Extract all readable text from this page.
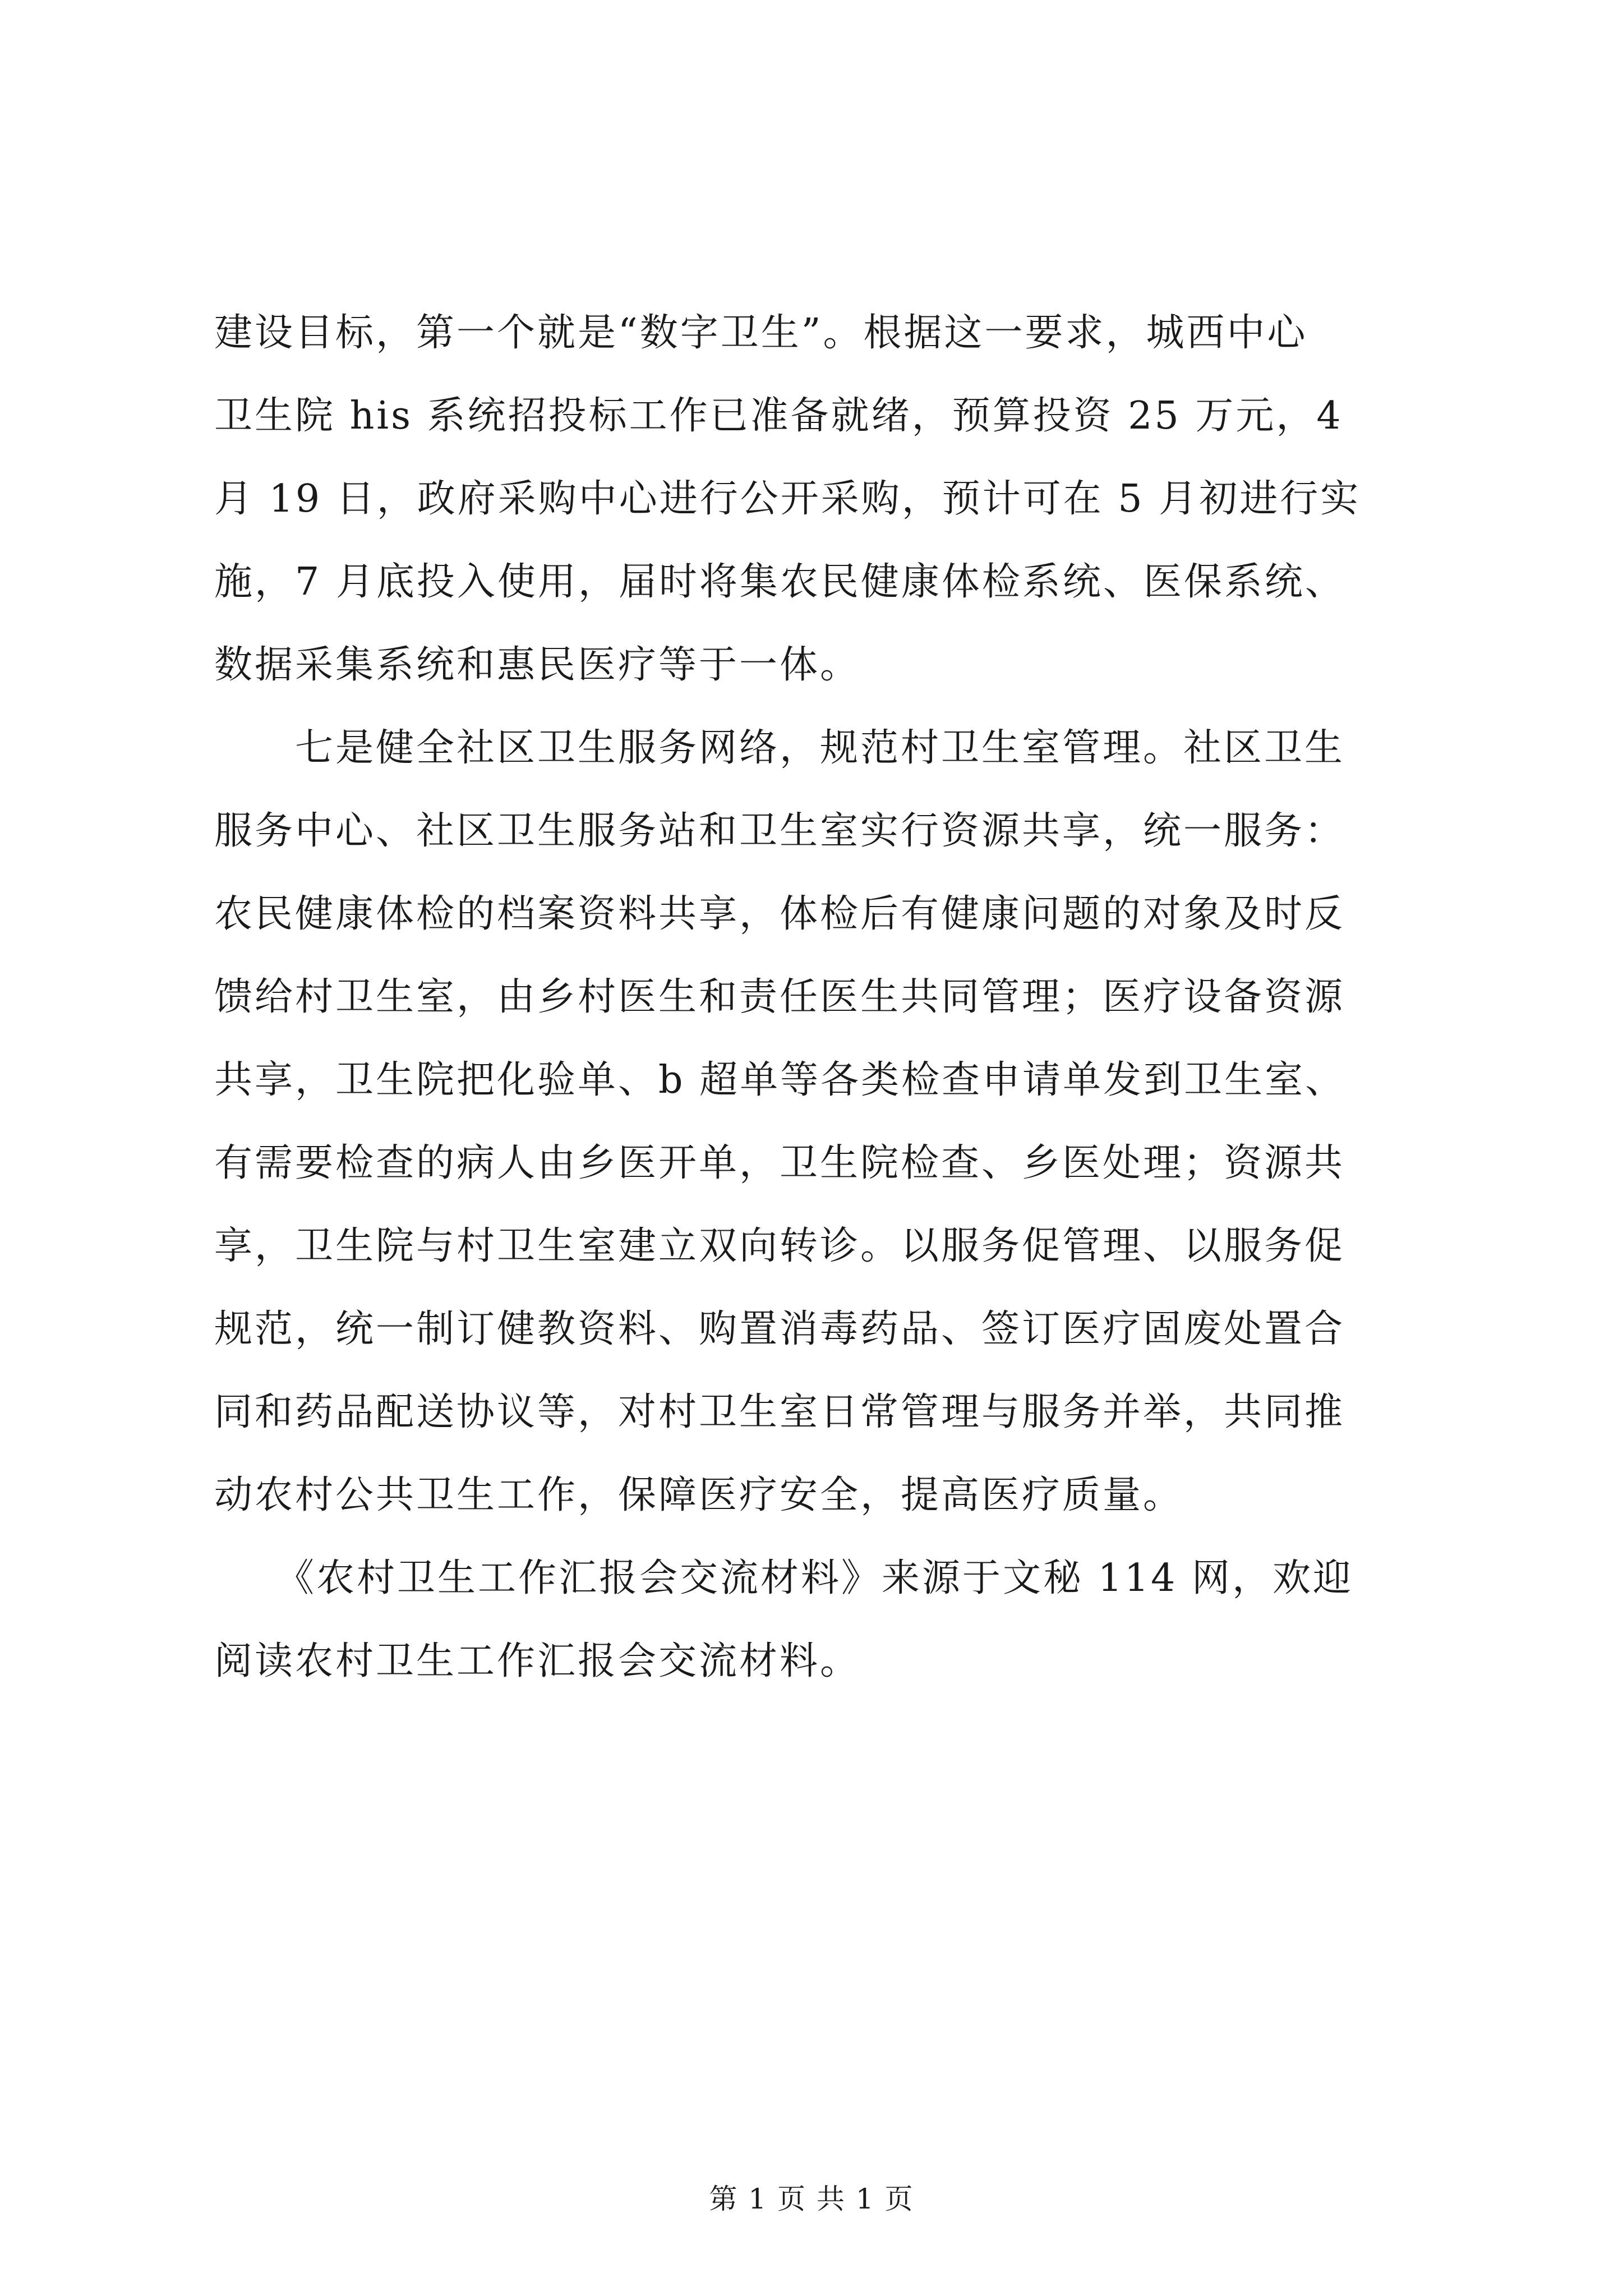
建设目标，第一个就是“数字卫生”。根据这一要求，城西中心
卫生院 his 系统招投标工作已准备就绪，预算投资 25 万元，4
月 19 日，政府采购中心进行公开采购，预计可在 5 月初进行实
施，7 月底投入使用，届时将集农民健康体检系统、医保系统、
数据采集系统和惠民医疗等于一体。
　　七是健全社区卫生服务网络，规范村卫生室管理。社区卫生
服务中心、社区卫生服务站和卫生室实行资源共享，统一服务：
农民健康体检的档案资料共享，体检后有健康问题的对象及时反
馈给村卫生室，由乡村医生和责任医生共同管理；医疗设备资源
共享，卫生院把化验单、b 超单等各类检查申请单发到卫生室、
有需要检查的病人由乡医开单，卫生院检查、乡医处理；资源共
享，卫生院与村卫生室建立双向转诊。以服务促管理、以服务促
规范，统一制订健教资料、购置消毒药品、签订医疗固废处置合
同和药品配送协议等，对村卫生室日常管理与服务并举，共同推
动农村公共卫生工作，保障医疗安全，提高医疗质量。
　　《农村卫生工作汇报会交流材料》来源于文秘 114 网，欢迎
阅读农村卫生工作汇报会交流材料。
第 1 页 共 1 页
